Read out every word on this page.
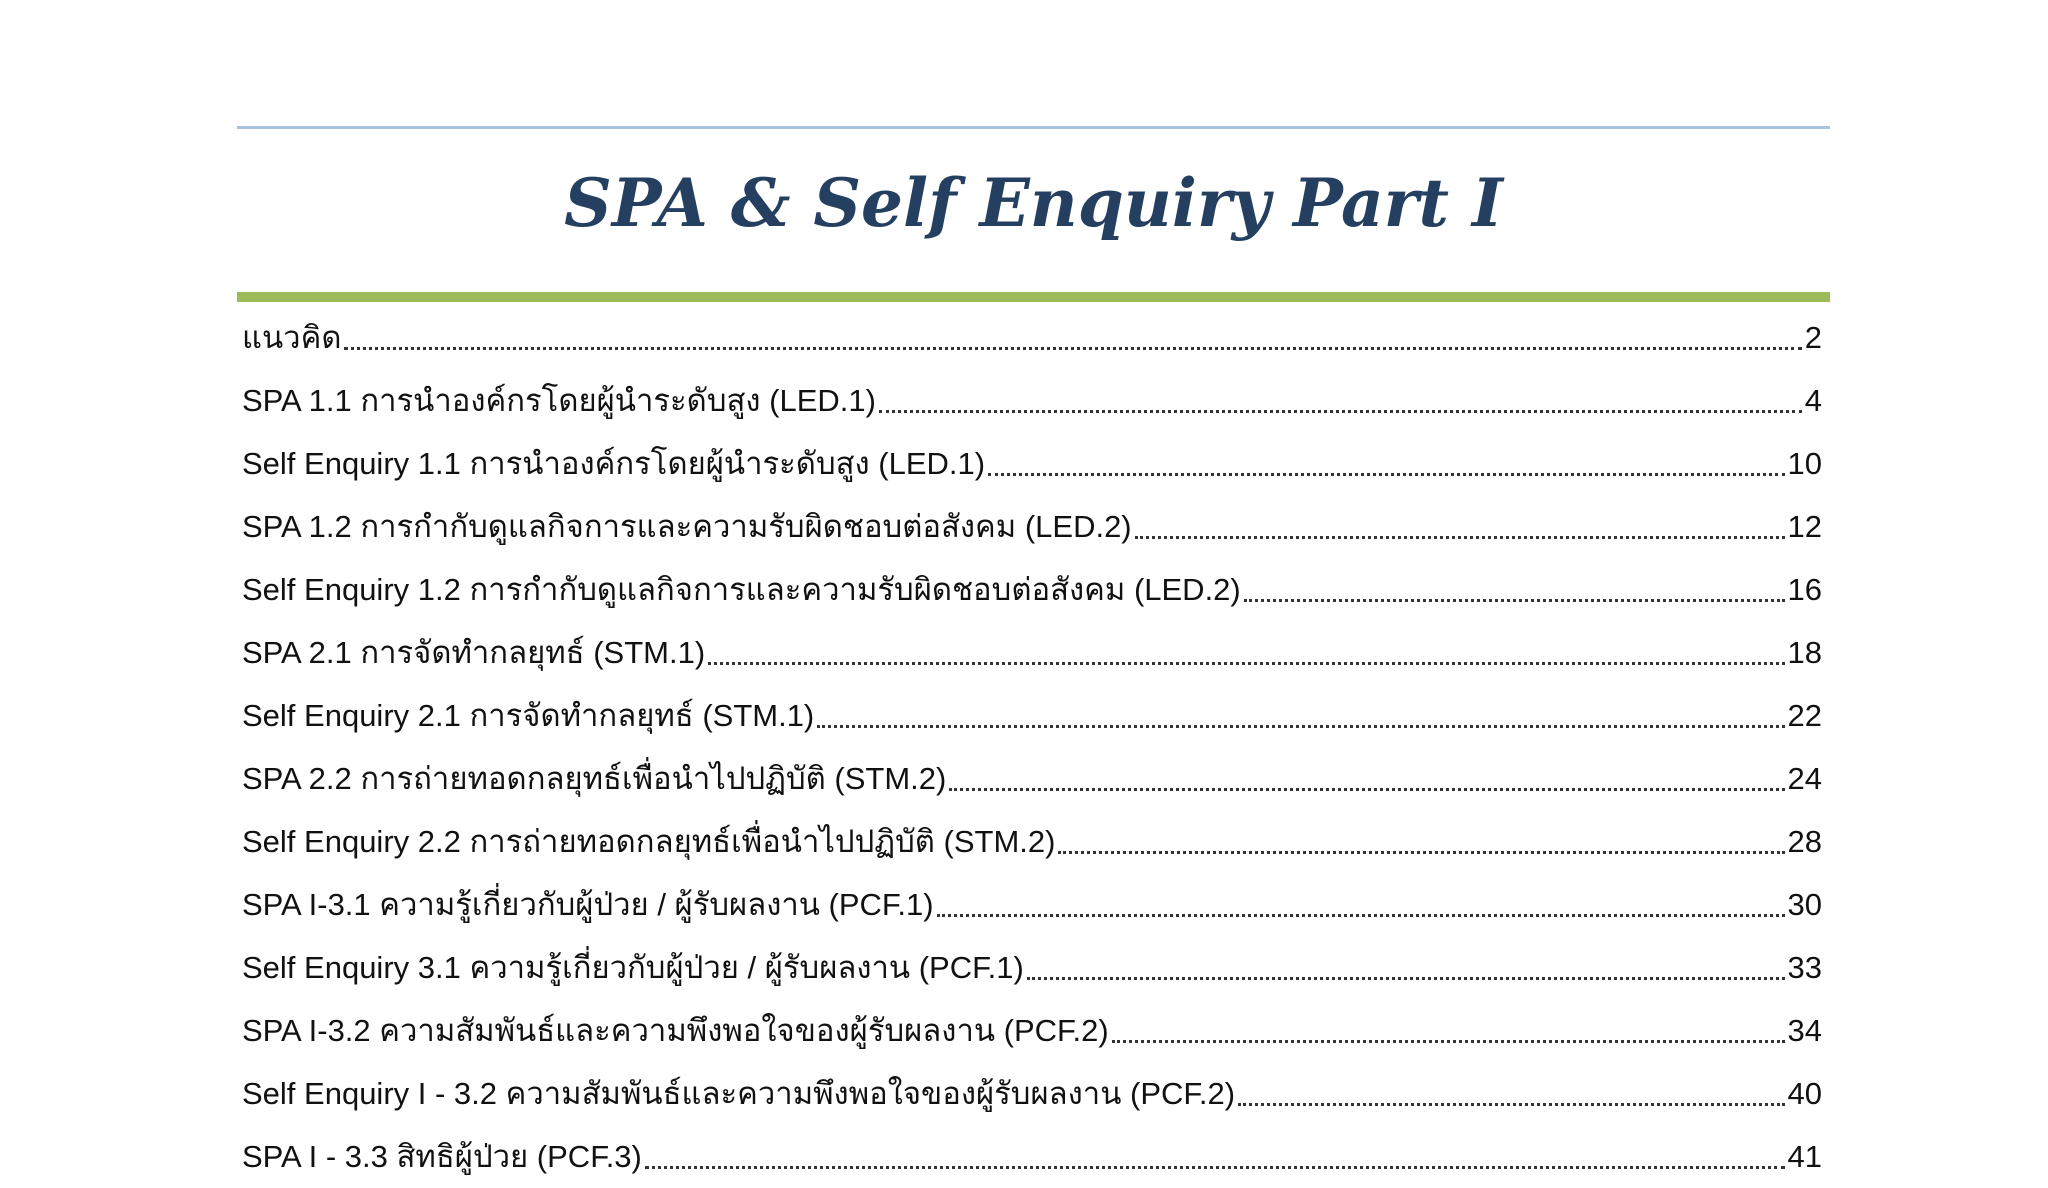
SPA & Self Enquiry Part I
แนวคิด	2
SPA 1.1 การนำองค์กรโดยผู้นำระดับสูง (LED.1)	4
Self Enquiry 1.1 การนำองค์กรโดยผู้นำระดับสูง (LED.1)	10
SPA 1.2 การกำกับดูแลกิจการและความรับผิดชอบต่อสังคม (LED.2)	12
Self Enquiry 1.2 การกำกับดูแลกิจการและความรับผิดชอบต่อสังคม (LED.2)	16
SPA 2.1 การจัดทำกลยุทธ์ (STM.1)	18
Self Enquiry 2.1 การจัดทำกลยุทธ์ (STM.1)	22
SPA 2.2 การถ่ายทอดกลยุทธ์เพื่อนำไปปฏิบัติ (STM.2)	24
Self Enquiry 2.2 การถ่ายทอดกลยุทธ์เพื่อนำไปปฏิบัติ (STM.2)	28
SPA I-3.1 ความรู้เกี่ยวกับผู้ป่วย / ผู้รับผลงาน (PCF.1)	30
Self Enquiry 3.1 ความรู้เกี่ยวกับผู้ป่วย / ผู้รับผลงาน (PCF.1)	33
SPA I-3.2 ความสัมพันธ์และความพึงพอใจของผู้รับผลงาน (PCF.2)	34
Self Enquiry I - 3.2 ความสัมพันธ์และความพึงพอใจของผู้รับผลงาน (PCF.2)	40
SPA I - 3.3 สิทธิผู้ป่วย (PCF.3)	41
